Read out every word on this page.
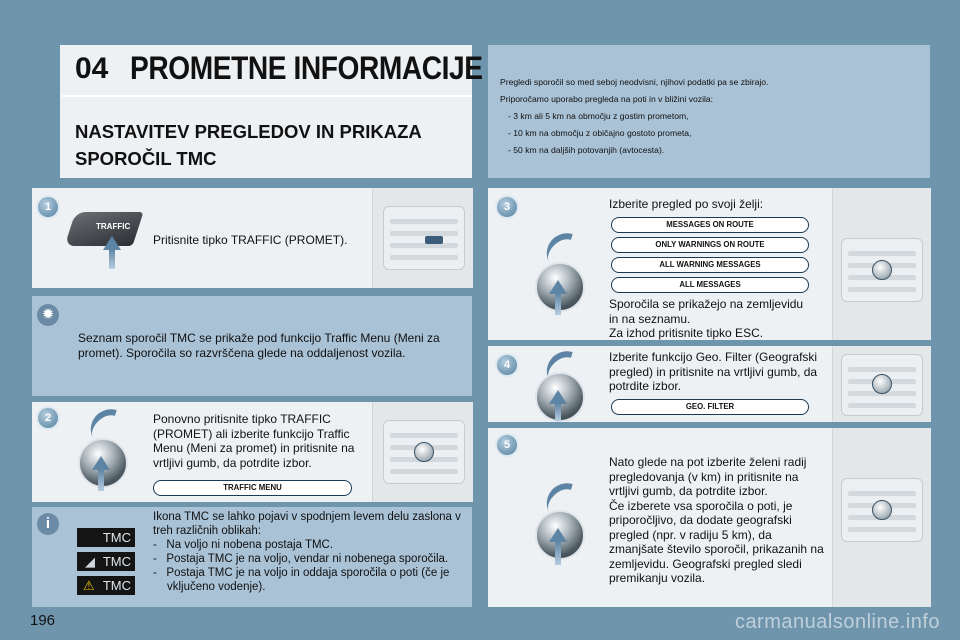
04 PROMETNE INFORMACIJE
NASTAVITEV PREGLEDOV IN PRIKAZA
SPOROČIL TMC
Pregledi sporočil so med seboj neodvisni, njihovi podatki pa se zbirajo.
Priporočamo uporabo pregleda na poti in v bližini vozila:
- 3 km ali 5 km na območju z gostim prometom,
- 10 km na območju z običajno gostoto prometa,
- 50 km na daljših potovanjih (avtocesta).
1
TRAFFIC
Pritisnite tipko TRAFFIC (PROMET).
✹
Seznam sporočil TMC se prikaže pod funkcijo Traffic Menu (Meni za promet). Sporočila so razvrščena glede na oddaljenost vozila.
2	Ponovno pritisnite tipko TRAFFIC (PROMET) ali izberite funkcijo Traffic Menu (Meni za promet) in pritisnite na vrtljivi gumb, da potrdite izbor.
TRAFFIC MENU
i
TMC
◢ TMC
⚠ TMC
Ikona TMC se lahko pojavi v spodnjem levem delu zaslona v treh različnih oblikah:
-   Na voljo ni nobena postaja TMC.
-   Postaja TMC je na voljo, vendar ni nobenega sporočila.
-   Postaja TMC je na voljo in oddaja sporočila o poti (če je vključeno vodenje).
3	Izberite pregled po svoji želji:
MESSAGES ON ROUTE
ONLY WARNINGS ON ROUTE
ALL WARNING MESSAGES
ALL MESSAGES
Sporočila se prikažejo na zemljevidu
in na seznamu.
Za izhod pritisnite tipko ESC.
4
Izberite funkcijo Geo. Filter (Geografski pregled) in pritisnite na vrtljivi gumb, da potrdite izbor.
GEO. FILTER
5
Nato glede na pot izberite želeni radij pregledovanja (v km) in pritisnite na vrtljivi gumb, da potrdite izbor.
Če izberete vsa sporočila o poti, je priporočljivo, da dodate geografski pregled (npr. v radiju 5 km), da zmanjšate število sporočil, prikazanih na zemljevidu. Geografski pregled sledi premikanju vozila.
196	carmanualsonline.info
